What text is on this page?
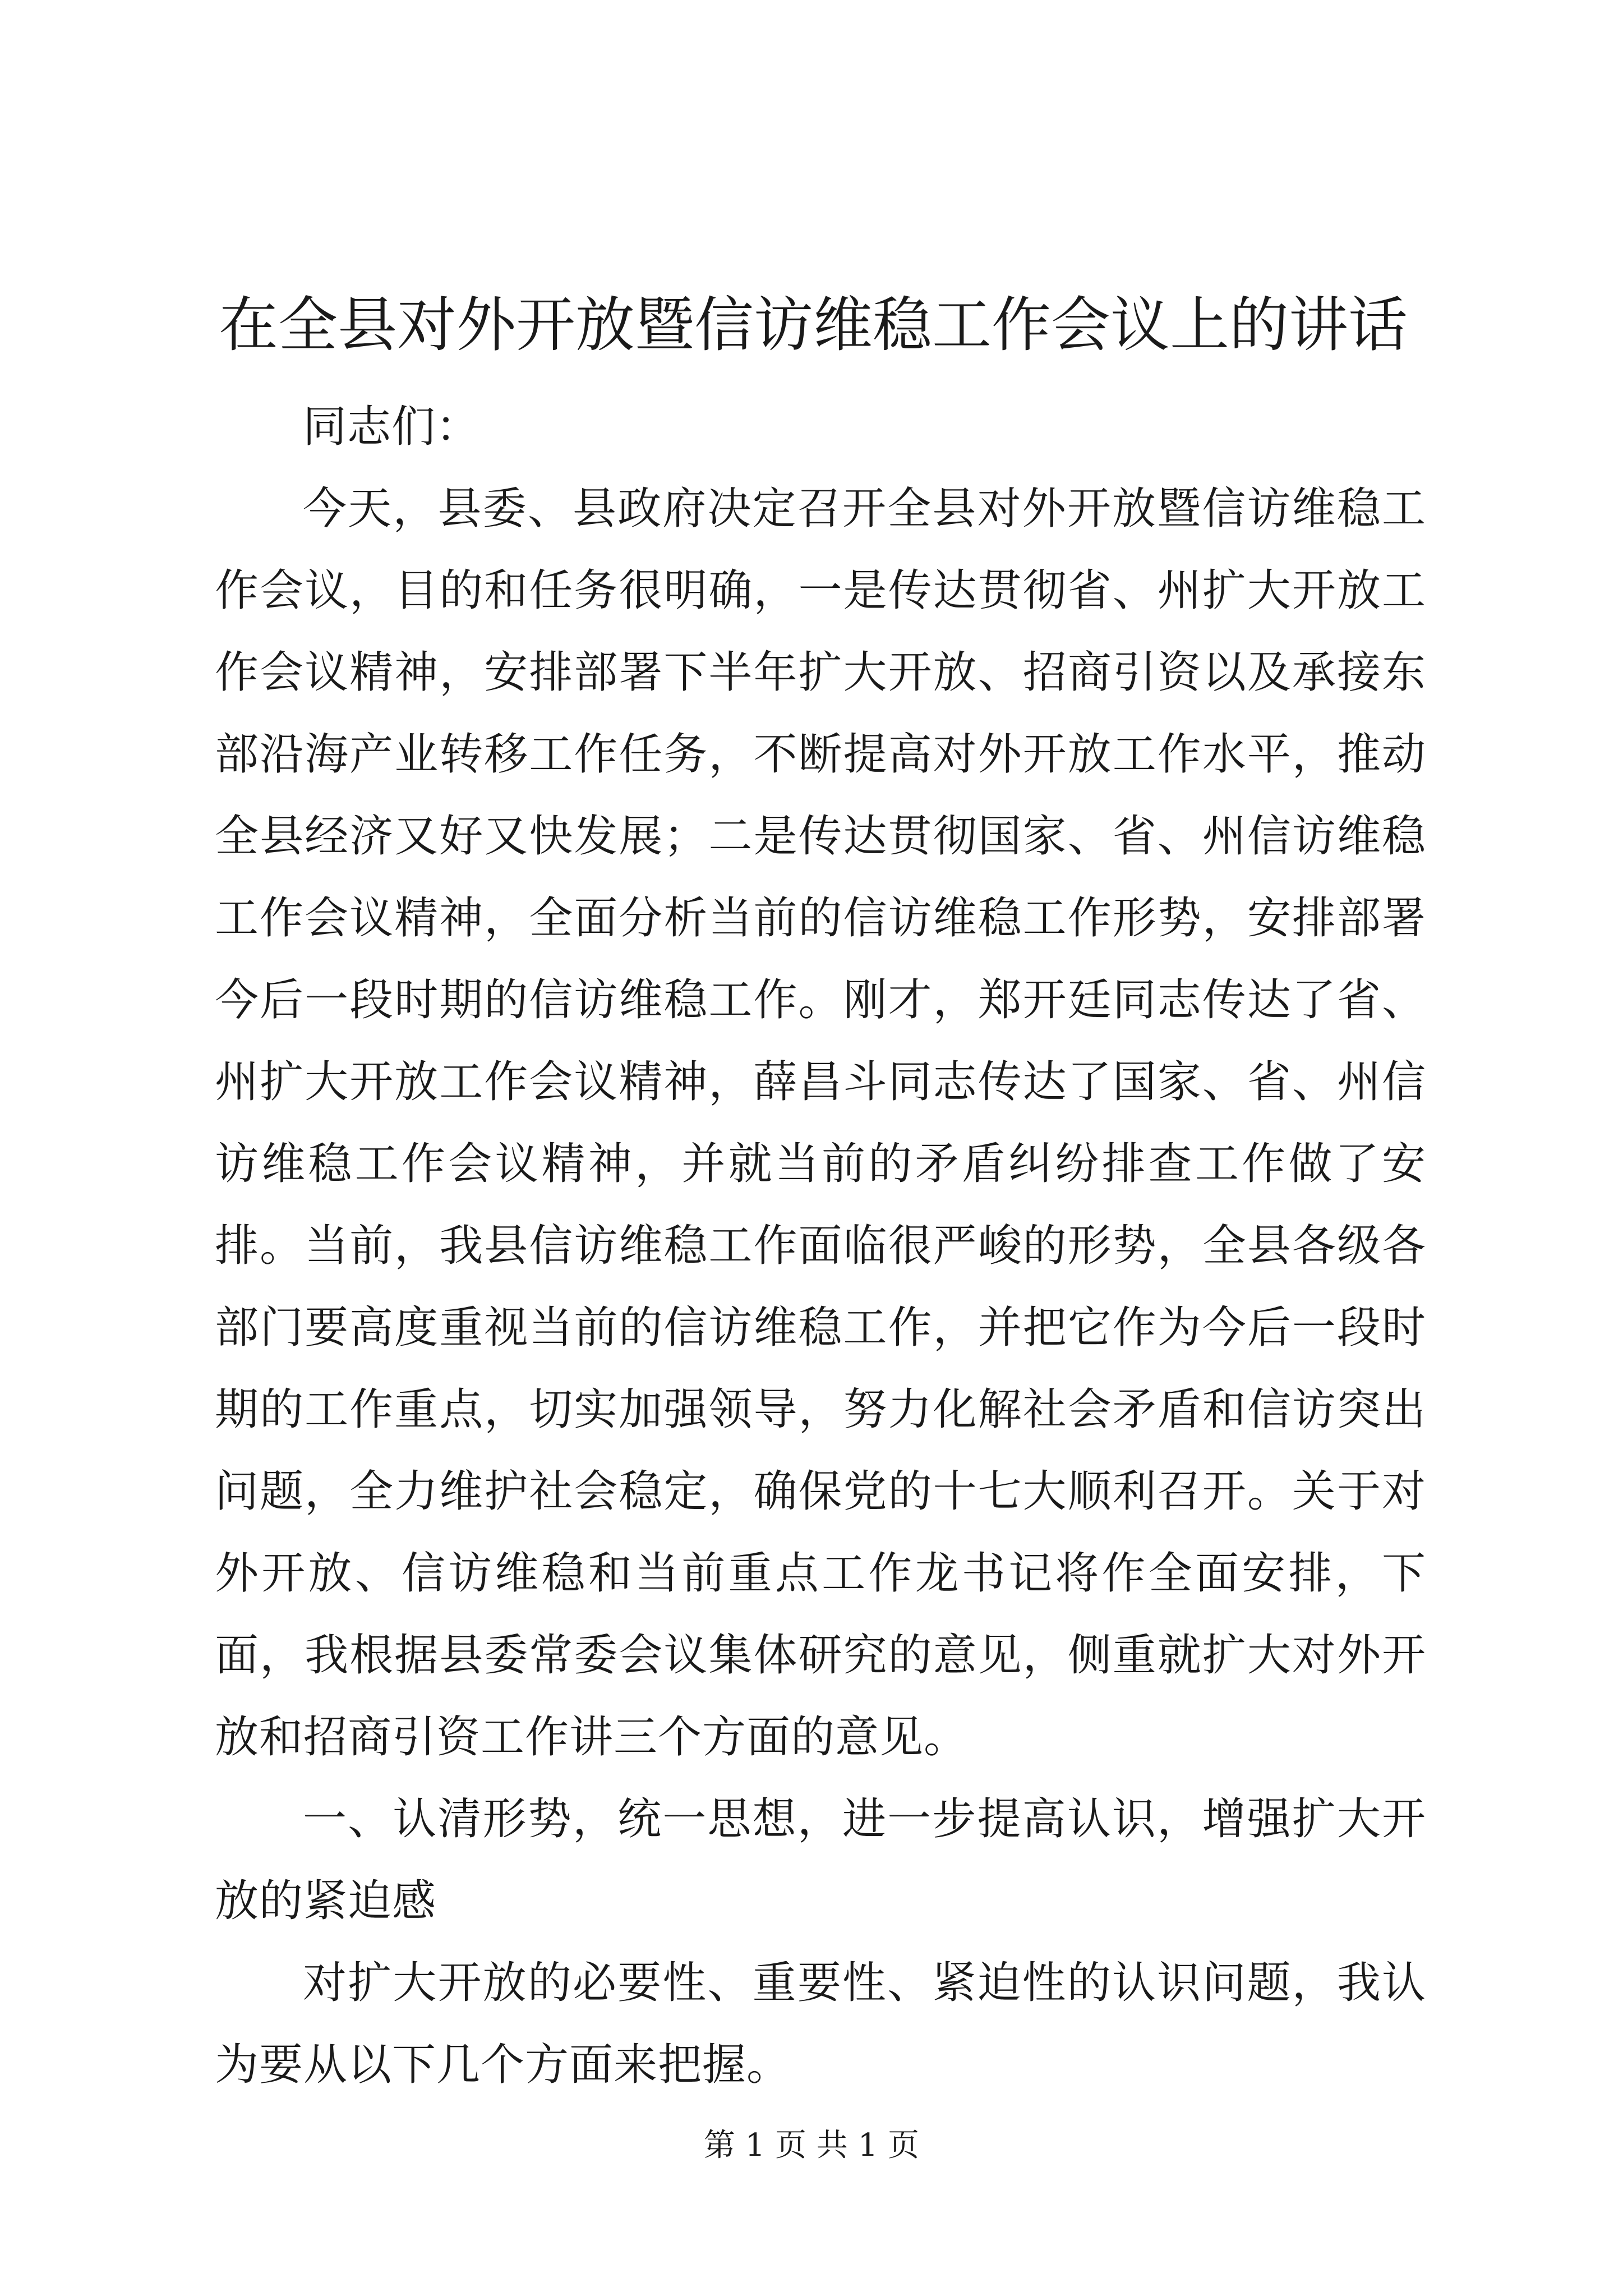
在全县对外开放暨信访维稳工作会议上的讲话

同志们：

今天，县委、县政府决定召开全县对外开放暨信访维稳工作会议，目的和任务很明确，一是传达贯彻省、州扩大开放工作会议精神，安排部署下半年扩大开放、招商引资以及承接东部沿海产业转移工作任务，不断提高对外开放工作水平，推动全县经济又好又快发展；二是传达贯彻国家、省、州信访维稳工作会议精神，全面分析当前的信访维稳工作形势，安排部署今后一段时期的信访维稳工作。刚才，郑开廷同志传达了省、州扩大开放工作会议精神，薛昌斗同志传达了国家、省、州信访维稳工作会议精神，并就当前的矛盾纠纷排查工作做了安排。当前，我县信访维稳工作面临很严峻的形势，全县各级各部门要高度重视当前的信访维稳工作，并把它作为今后一段时期的工作重点，切实加强领导，努力化解社会矛盾和信访突出问题，全力维护社会稳定，确保党的十七大顺利召开。关于对外开放、信访维稳和当前重点工作龙书记将作全面安排，下面，我根据县委常委会议集体研究的意见，侧重就扩大对外开放和招商引资工作讲三个方面的意见。

一、认清形势，统一思想，进一步提高认识，增强扩大开放的紧迫感

对扩大开放的必要性、重要性、紧迫性的认识问题，我认为要从以下几个方面来把握。

第 1 页 共 1 页
